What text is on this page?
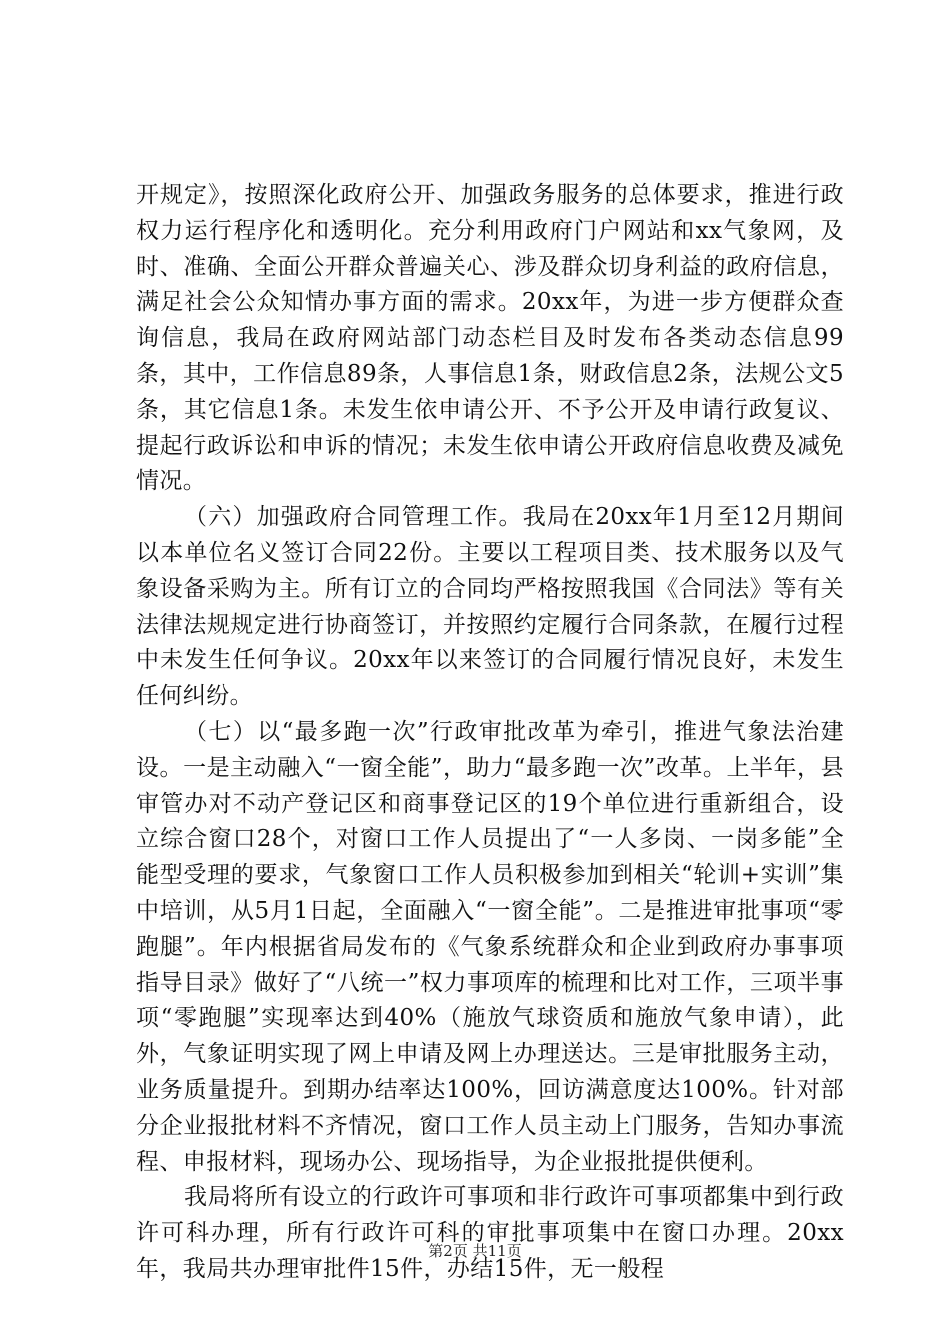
开规定》，按照深化政府公开、加强政务服务的总体要求，推进行政权力运行程序化和透明化。充分利用政府门户网站和xx气象网，及时、准确、全面公开群众普遍关心、涉及群众切身利益的政府信息，满足社会公众知情办事方面的需求。20xx年，为进一步方便群众查询信息，我局在政府网站部门动态栏目及时发布各类动态信息99条，其中，工作信息89条，人事信息1条，财政信息2条，法规公文5条，其它信息1条。未发生依申请公开、不予公开及申请行政复议、提起行政诉讼和申诉的情况；未发生依申请公开政府信息收费及减免情况。

（六）加强政府合同管理工作。我局在20xx年1月至12月期间以本单位名义签订合同22份。主要以工程项目类、技术服务以及气象设备采购为主。所有订立的合同均严格按照我国《合同法》等有关法律法规规定进行协商签订，并按照约定履行合同条款，在履行过程中未发生任何争议。20xx年以来签订的合同履行情况良好，未发生任何纠纷。

（七）以“最多跑一次”行政审批改革为牵引，推进气象法治建设。一是主动融入“一窗全能”，助力“最多跑一次”改革。上半年，县审管办对不动产登记区和商事登记区的19个单位进行重新组合，设立综合窗口28个，对窗口工作人员提出了“一人多岗、一岗多能”全能型受理的要求，气象窗口工作人员积极参加到相关“轮训+实训”集中培训，从5月1日起，全面融入“一窗全能”。二是推进审批事项“零跑腿”。年内根据省局发布的《气象系统群众和企业到政府办事事项指导目录》做好了“八统一”权力事项库的梳理和比对工作，三项半事项“零跑腿”实现率达到40%（施放气球资质和施放气象申请），此外，气象证明实现了网上申请及网上办理送达。三是审批服务主动，业务质量提升。到期办结率达100%，回访满意度达100%。针对部分企业报批材料不齐情况，窗口工作人员主动上门服务，告知办事流程、申报材料，现场办公、现场指导，为企业报批提供便利。

我局将所有设立的行政许可事项和非行政许可事项都集中到行政许可科办理，所有行政许可科的审批事项集中在窗口办理。20xx年，我局共办理审批件15件，办结15件，无一般程

第2页 共11页
